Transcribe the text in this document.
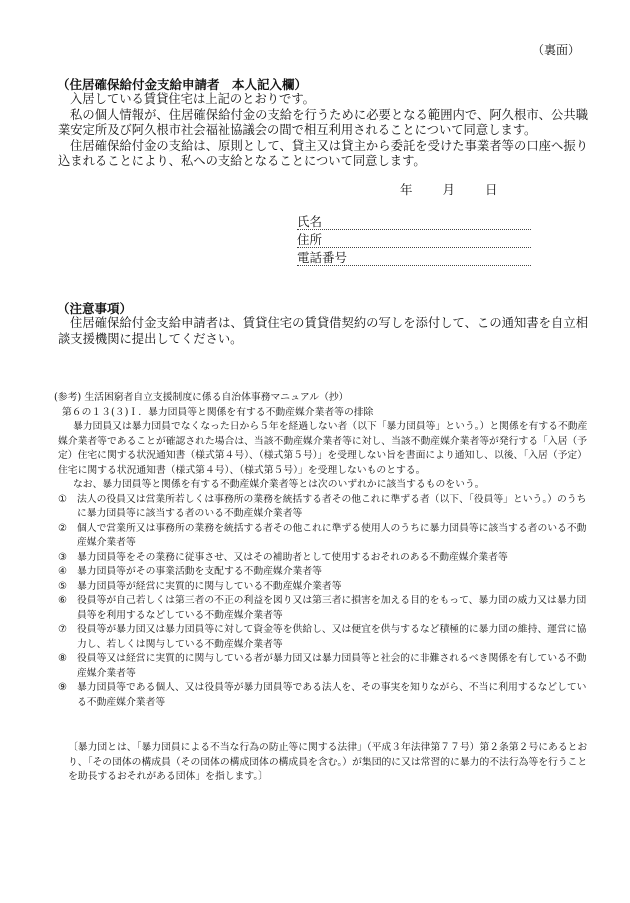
（裏面）
（住居確保給付金支給申請者　本人記入欄）
入居している賃貸住宅は上記のとおりです。
私の個人情報が、住居確保給付金の支給を行うために必要となる範囲内で、阿久根市、公共職業安定所及び阿久根市社会福祉協議会の間で相互利用されることについて同意します。
住居確保給付金の支給は、原則として、貸主又は貸主から委託を受けた事業者等の口座へ振り込まれることにより、私への支給となることについて同意します。
年 月 日
氏名
住所
電話番号
（注意事項）
住居確保給付金支給申請者は、賃貸住宅の賃貸借契約の写しを添付して、この通知書を自立相談支援機関に提出してください。

(参考) 生活困窮者自立支援制度に係る自治体事務マニュアル（抄）

第６の１３(３)Ｉ．暴力団員等と関係を有する不動産媒介業者等の排除

暴力団員又は暴力団員でなくなった日から５年を経過しない者（以下「暴力団員等」という。）と関係を有する不動産媒介業者等であることが確認された場合は、当該不動産媒介業者等に対し、当該不動産媒介業者等が発行する「入居（予定）住宅に関する状況通知書（様式第４号）、（様式第５号）」を受理しない旨を書面により通知し、以後、「入居（予定）住宅に関する状況通知書（様式第４号）、（様式第５号）」を受理しないものとする。

なお、暴力団員等と関係を有する不動産媒介業者等とは次のいずれかに該当するものをいう。

①	法人の役員又は営業所若しくは事務所の業務を統括する者その他これに準ずる者（以下、「役員等」という。）のうちに暴力団員等に該当する者のいる不動産媒介業者等
②	個人で営業所又は事務所の業務を統括する者その他これに準ずる使用人のうちに暴力団員等に該当する者のいる不動産媒介業者等
③	暴力団員等をその業務に従事させ、又はその補助者として使用するおそれのある不動産媒介業者等
④	暴力団員等がその事業活動を支配する不動産媒介業者等
⑤	暴力団員等が経営に実質的に関与している不動産媒介業者等
⑥	役員等が自己若しくは第三者の不正の利益を図り又は第三者に損害を加える目的をもって、暴力団の威力又は暴力団員等を利用するなどしている不動産媒介業者等
⑦	役員等が暴力団又は暴力団員等に対して資金等を供給し、又は便宜を供与するなど積極的に暴力団の維持、運営に協力し、若しくは関与している不動産媒介業者等
⑧	役員等又は経営に実質的に関与している者が暴力団又は暴力団員等と社会的に非難されるべき関係を有している不動産媒介業者等
⑨	暴力団員等である個人、又は役員等が暴力団員等である法人を、その事実を知りながら、不当に利用するなどしている不動産媒介業者等
〔暴力団とは、「暴力団員による不当な行為の防止等に関する法律」（平成３年法律第７７号）第２条第２号にあるとおり、「その団体の構成員（その団体の構成団体の構成員を含む。）が集団的に又は常習的に暴力的不法行為等を行うことを助長するおそれがある団体」を指します。〕
